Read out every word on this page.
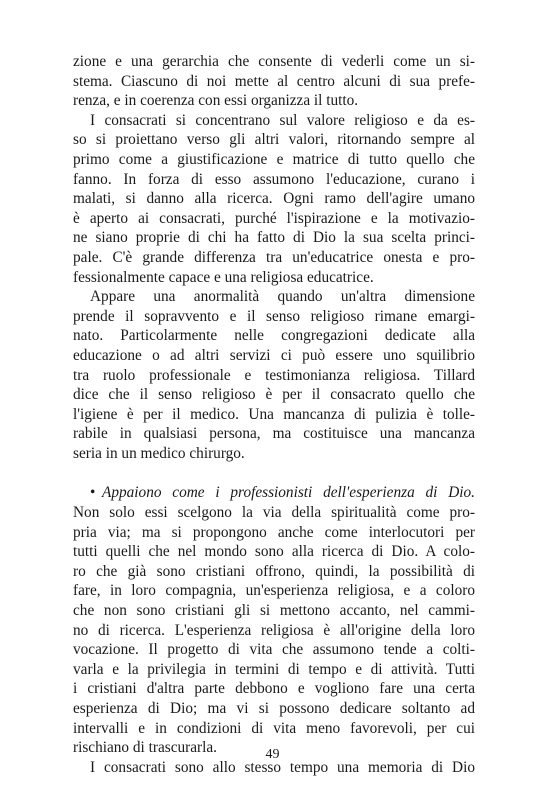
zione e una gerarchia che consente di vederli come un si-
stema. Ciascuno di noi mette al centro alcuni di sua prefe-
renza, e in coerenza con essi organizza il tutto.
I consacrati si concentrano sul valore religioso e da es-
so si proiettano verso gli altri valori, ritornando sempre al
primo come a giustificazione e matrice di tutto quello che
fanno. In forza di esso assumono l'educazione, curano i
malati, si danno alla ricerca. Ogni ramo dell'agire umano
è aperto ai consacrati, purché l'ispirazione e la motivazio-
ne siano proprie di chi ha fatto di Dio la sua scelta princi-
pale. C'è grande differenza tra un'educatrice onesta e pro-
fessionalmente capace e una religiosa educatrice.
Appare una anormalità quando un'altra dimensione
prende il sopravvento e il senso religioso rimane emargi-
nato. Particolarmente nelle congregazioni dedicate alla
educazione o ad altri servizi ci può essere uno squilibrio
tra ruolo professionale e testimonianza religiosa. Tillard
dice che il senso religioso è per il consacrato quello che
l'igiene è per il medico. Una mancanza di pulizia è tolle-
rabile in qualsiasi persona, ma costituisce una mancanza
seria in un medico chirurgo.
• Appaiono come i professionisti dell'esperienza di Dio.
Non solo essi scelgono la via della spiritualità come pro-
pria via; ma si propongono anche come interlocutori per
tutti quelli che nel mondo sono alla ricerca di Dio. A colo-
ro che già sono cristiani offrono, quindi, la possibilità di
fare, in loro compagnia, un'esperienza religiosa, e a coloro
che non sono cristiani gli si mettono accanto, nel cammi-
no di ricerca. L'esperienza religiosa è all'origine della loro
vocazione. Il progetto di vita che assumono tende a colti-
varla e la privilegia in termini di tempo e di attività. Tutti
i cristiani d'altra parte debbono e vogliono fare una certa
esperienza di Dio; ma vi si possono dedicare soltanto ad
intervalli e in condizioni di vita meno favorevoli, per cui
rischiano di trascurarla.
I consacrati sono allo stesso tempo una memoria di Dio
49
